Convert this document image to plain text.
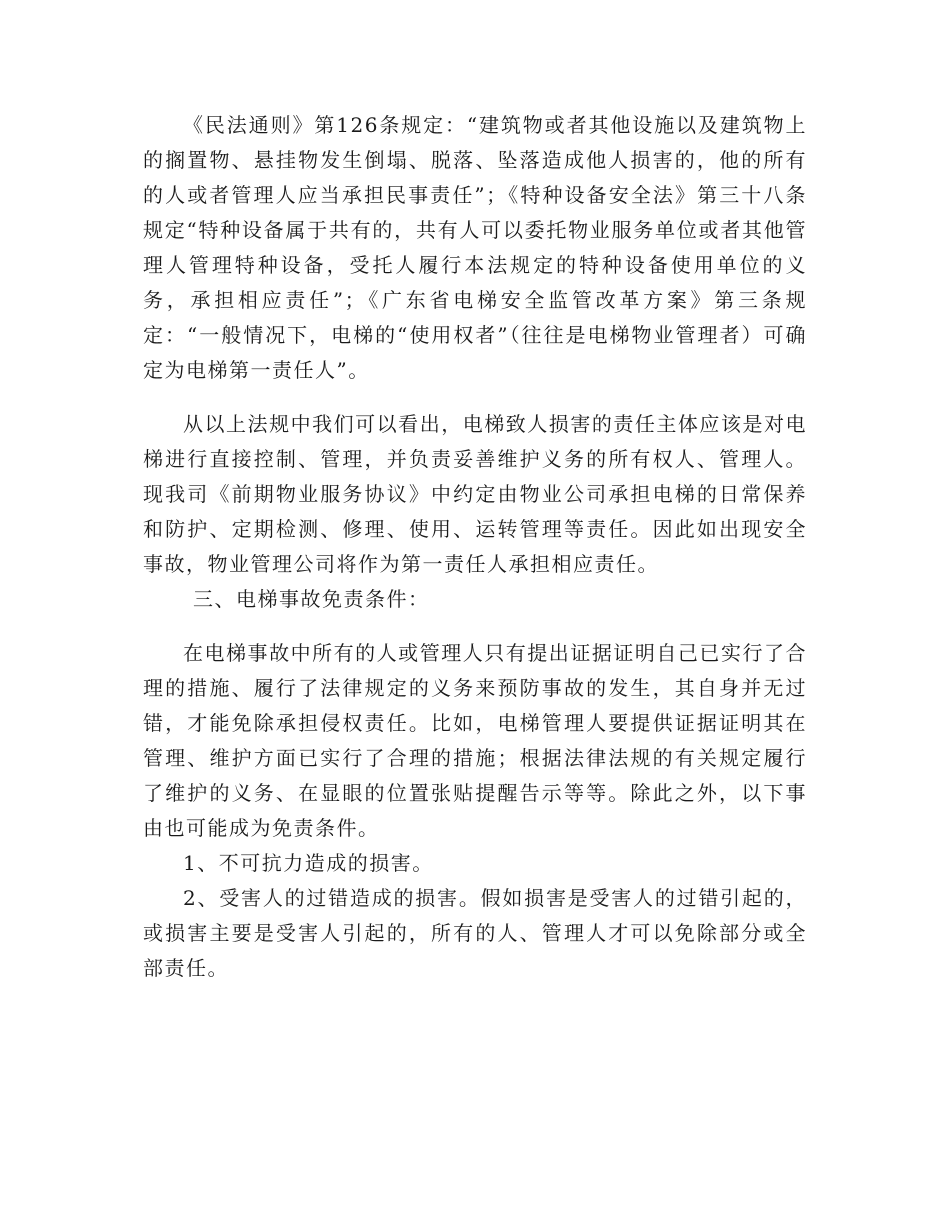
《民法通则》第126条规定：“建筑物或者其他设施以及建筑物上的搁置物、悬挂物发生倒塌、脱落、坠落造成他人损害的，他的所有的人或者管理人应当承担民事责任”；《特种设备安全法》第三十八条规定“特种设备属于共有的，共有人可以委托物业服务单位或者其他管理人管理特种设备，受托人履行本法规定的特种设备使用单位的义务，承担相应责任”；《广东省电梯安全监管改革方案》第三条规定：“一般情况下，电梯的“使用权者”（往往是电梯物业管理者）可确定为电梯第一责任人”。

从以上法规中我们可以看出，电梯致人损害的责任主体应该是对电梯进行直接控制、管理，并负责妥善维护义务的所有权人、管理人。现我司《前期物业服务协议》中约定由物业公司承担电梯的日常保养和防护、定期检测、修理、使用、运转管理等责任。因此如出现安全事故，物业管理公司将作为第一责任人承担相应责任。

三、电梯事故免责条件：

在电梯事故中所有的人或管理人只有提出证据证明自己已实行了合理的措施、履行了法律规定的义务来预防事故的发生，其自身并无过错，才能免除承担侵权责任。比如，电梯管理人要提供证据证明其在管理、维护方面已实行了合理的措施；根据法律法规的有关规定履行了维护的义务、在显眼的位置张贴提醒告示等等。除此之外，以下事由也可能成为免责条件。

1、不可抗力造成的损害。

2、受害人的过错造成的损害。假如损害是受害人的过错引起的，或损害主要是受害人引起的，所有的人、管理人才可以免除部分或全部责任。
